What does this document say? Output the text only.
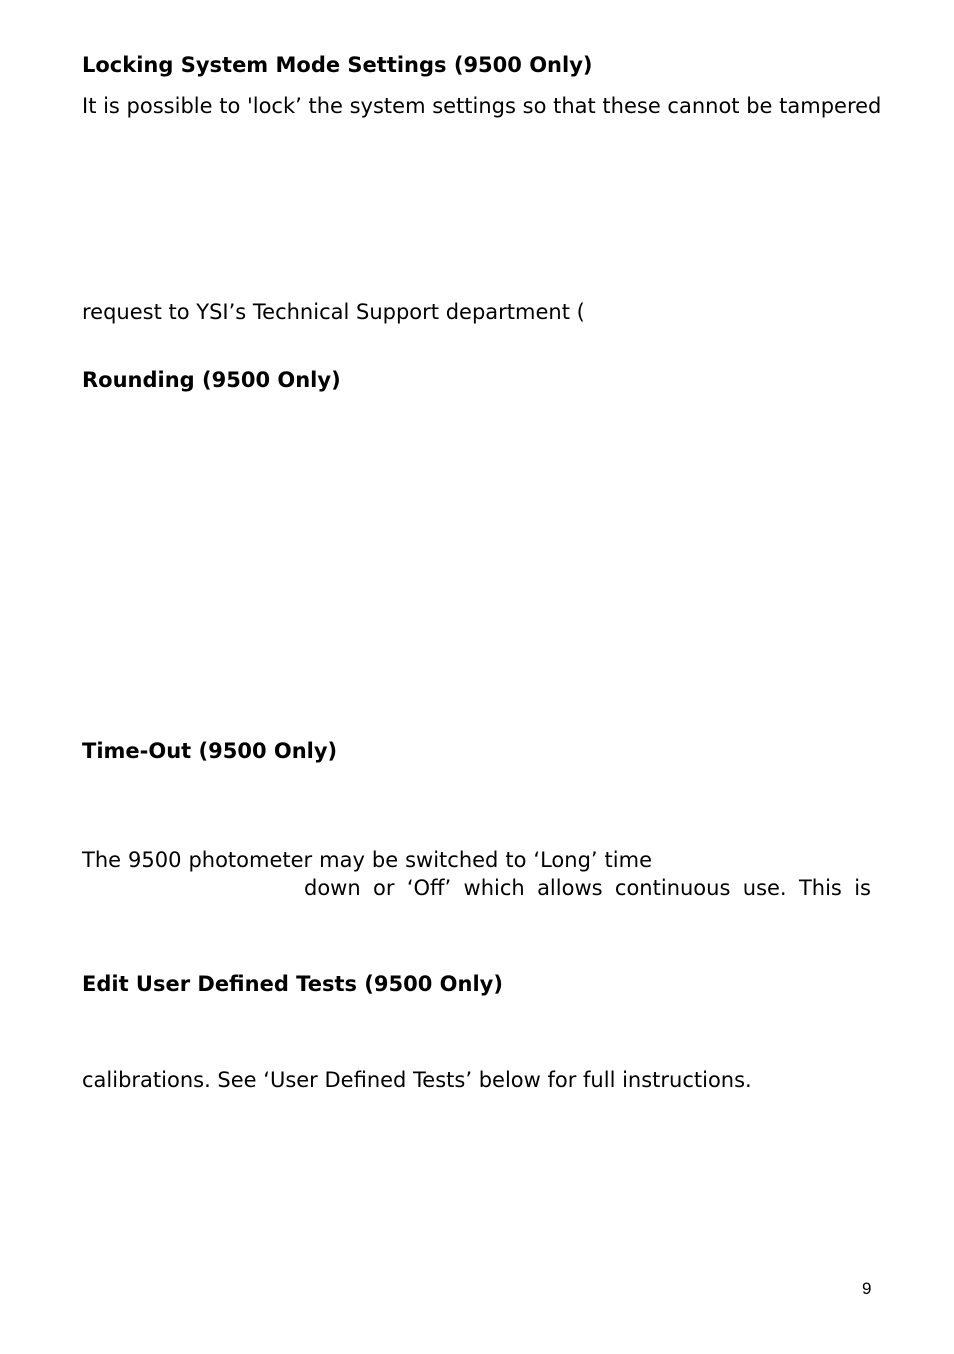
Locking System Mode Settings (9500 Only)

It is possible to 'lock’ the system settings so that these cannot be tampered

request to YSI’s Technical Support department (

Rounding (9500 Only)
Time-Out (9500 Only)

The 9500 photometer may be switched to ‘Long’ time

down or ‘Off’ which allows continuous use. This is

Edit User Defined Tests (9500 Only)

calibrations. See ‘User Defined Tests’ below for full instructions.

9
